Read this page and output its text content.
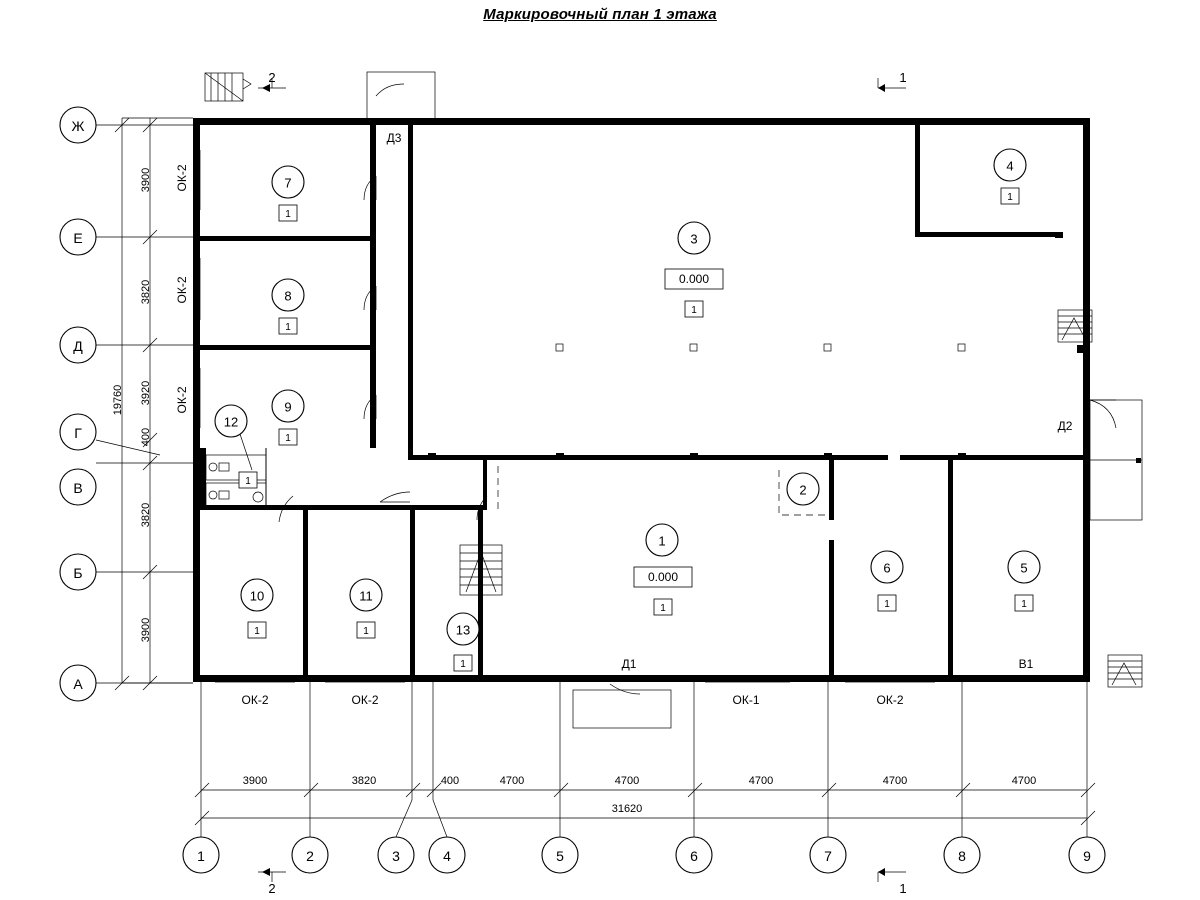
Маркировочный план 1 этажа
Ж
Е
Д
Г
В
Б
А
3900
3820
3920
400
3820
3900
19760
1	2	3	4	5	6	7	8	9
3900	3820	400	4700	4700	4700	4700	4700
31620
1
1
2
2
7
1
8
1
9
1
12
1
3
0.000
1
4
1
1
0.000
1
2
6
1
5
1
10
1
11
1	13
1
ОК-2
ОК-2
ОК-2
ОК-2	ОК-2	ОК-1	ОК-2
Д1
Д2
Д3
В1
